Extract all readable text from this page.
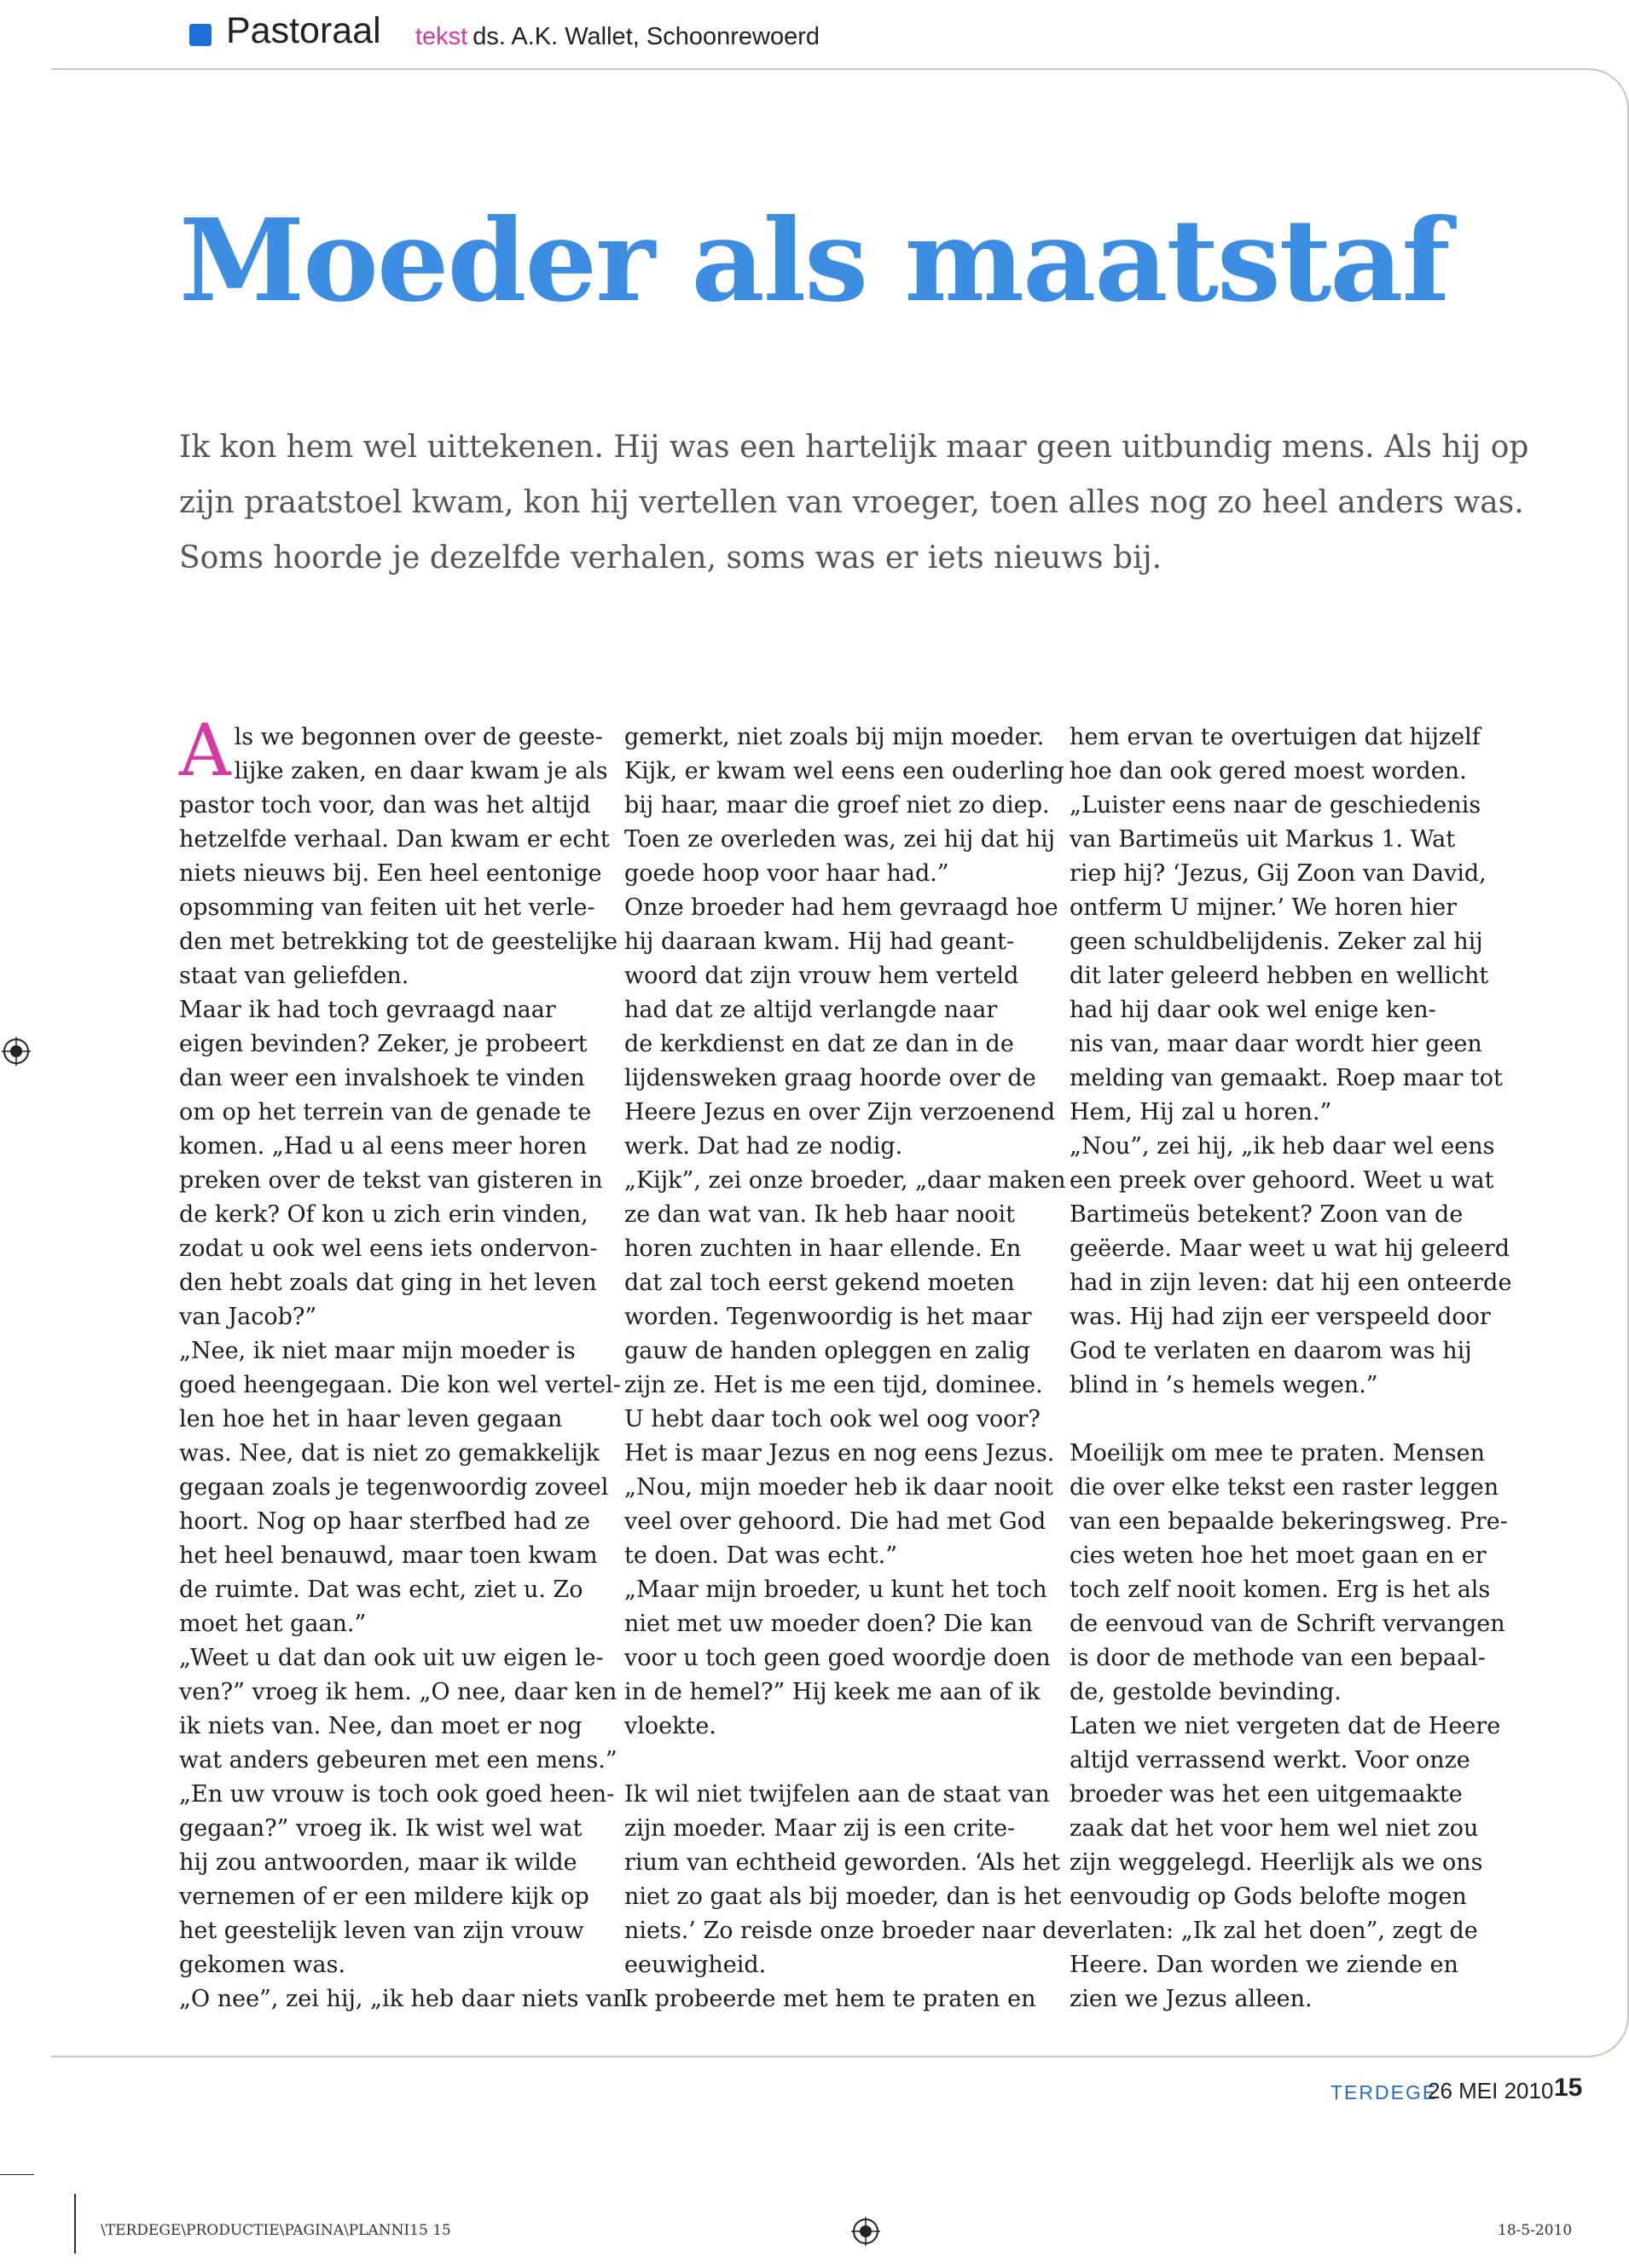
Pastoraal tekst ds. A.K. Wallet, Schoonrewoerd
Moeder als maatstaf
Ik kon hem wel uittekenen. Hij was een hartelijk maar geen uitbundig mens. Als hij op
zijn praatstoel kwam, kon hij vertellen van vroeger, toen alles nog zo heel anders was.
Soms hoorde je dezelfde verhalen, soms was er iets nieuws bij.
A ls we begonnen over de geeste-
lijke zaken, en daar kwam je als
pastor toch voor, dan was het altijd
hetzelfde verhaal. Dan kwam er echt
niets nieuws bij. Een heel eentonige
opsomming van feiten uit het verle-
den met betrekking tot de geestelijke
staat van geliefden.
Maar ik had toch gevraagd naar
eigen bevinden? Zeker, je probeert
dan weer een invalshoek te vinden
om op het terrein van de genade te
komen. „Had u al eens meer horen
preken over de tekst van gisteren in
de kerk? Of kon u zich erin vinden,
zodat u ook wel eens iets ondervon-
den hebt zoals dat ging in het leven
van Jacob?”
„Nee, ik niet maar mijn moeder is
goed heengegaan. Die kon wel vertel-
len hoe het in haar leven gegaan
was. Nee, dat is niet zo gemakkelijk
gegaan zoals je tegenwoordig zoveel
hoort. Nog op haar sterfbed had ze
het heel benauwd, maar toen kwam
de ruimte. Dat was echt, ziet u. Zo
moet het gaan.”
„Weet u dat dan ook uit uw eigen le-
ven?” vroeg ik hem. „O nee, daar ken
ik niets van. Nee, dan moet er nog
wat anders gebeuren met een mens.”
„En uw vrouw is toch ook goed heen-
gegaan?” vroeg ik. Ik wist wel wat
hij zou antwoorden, maar ik wilde
vernemen of er een mildere kijk op
het geestelijk leven van zijn vrouw
gekomen was.
„O nee”, zei hij, „ik heb daar niets van
gemerkt, niet zoals bij mijn moeder.
Kijk, er kwam wel eens een ouderling
bij haar, maar die groef niet zo diep.
Toen ze overleden was, zei hij dat hij
goede hoop voor haar had.”
Onze broeder had hem gevraagd hoe
hij daaraan kwam. Hij had geant-
woord dat zijn vrouw hem verteld
had dat ze altijd verlangde naar
de kerkdienst en dat ze dan in de
lijdensweken graag hoorde over de
Heere Jezus en over Zijn verzoenend
werk. Dat had ze nodig.
„Kijk”, zei onze broeder, „daar maken
ze dan wat van. Ik heb haar nooit
horen zuchten in haar ellende. En
dat zal toch eerst gekend moeten
worden. Tegenwoordig is het maar
gauw de handen opleggen en zalig
zijn ze. Het is me een tijd, dominee.
U hebt daar toch ook wel oog voor?
Het is maar Jezus en nog eens Jezus.
„Nou, mijn moeder heb ik daar nooit
veel over gehoord. Die had met God
te doen. Dat was echt.”
„Maar mijn broeder, u kunt het toch
niet met uw moeder doen? Die kan
voor u toch geen goed woordje doen
in de hemel?” Hij keek me aan of ik
vloekte.
Ik wil niet twijfelen aan de staat van
zijn moeder. Maar zij is een crite-
rium van echtheid geworden. ‘Als het
niet zo gaat als bij moeder, dan is het
niets.’ Zo reisde onze broeder naar de
eeuwigheid.
Ik probeerde met hem te praten en
hem ervan te overtuigen dat hijzelf
hoe dan ook gered moest worden.
„Luister eens naar de geschiedenis
van Bartimeüs uit Markus 1. Wat
riep hij? ‘Jezus, Gij Zoon van David,
ontferm U mijner.’ We horen hier
geen schuldbelijdenis. Zeker zal hij
dit later geleerd hebben en wellicht
had hij daar ook wel enige ken-
nis van, maar daar wordt hier geen
melding van gemaakt. Roep maar tot
Hem, Hij zal u horen.”
„Nou”, zei hij, „ik heb daar wel eens
een preek over gehoord. Weet u wat
Bartimeüs betekent? Zoon van de
geëerde. Maar weet u wat hij geleerd
had in zijn leven: dat hij een onteerde
was. Hij had zijn eer verspeeld door
God te verlaten en daarom was hij
blind in ’s hemels wegen.”
Moeilijk om mee te praten. Mensen
die over elke tekst een raster leggen
van een bepaalde bekeringsweg. Pre-
cies weten hoe het moet gaan en er
toch zelf nooit komen. Erg is het als
de eenvoud van de Schrift vervangen
is door de methode van een bepaal-
de, gestolde bevinding.
Laten we niet vergeten dat de Heere
altijd verrassend werkt. Voor onze
broeder was het een uitgemaakte
zaak dat het voor hem wel niet zou
zijn weggelegd. Heerlijk als we ons
eenvoudig op Gods belofte mogen
verlaten: „Ik zal het doen”, zegt de
Heere. Dan worden we ziende en
zien we Jezus alleen.
TERDEGE
26 MEI 2010 15
\TERDEGE\PRODUCTIE\PAGINA\PLANNI15 15	18-5-2010
